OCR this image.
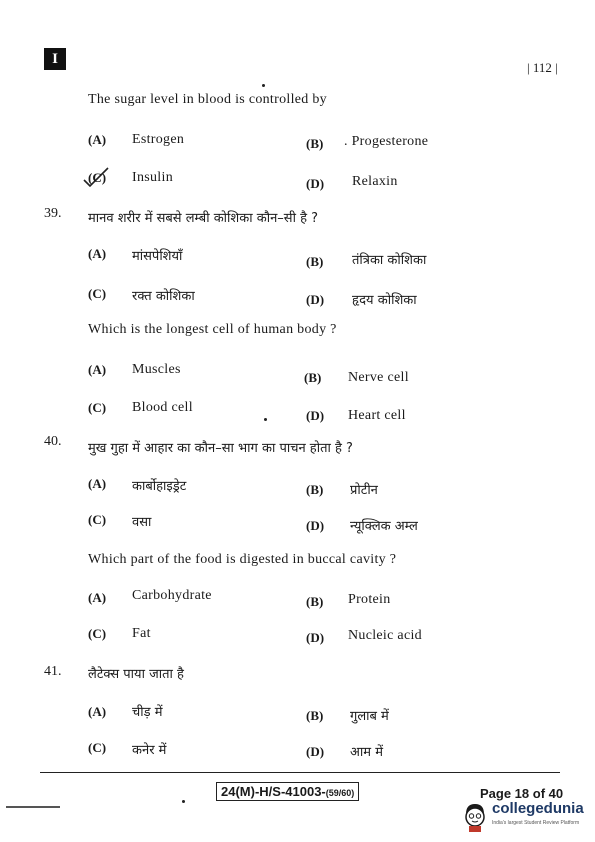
I
| 112 |
The sugar level in blood is controlled by
(A) Estrogen	(B) . Progesterone
(C) Insulin	(D) Relaxin
39. मानव शरीर में सबसे लम्बी कोशिका कौन–सी है ?
(A) मांसपेशियाँ	(B) तंत्रिका कोशिका
(C) रक्त कोशिका	(D) हृदय कोशिका
Which is the longest cell of human body ?
(A) Muscles
(B) Nerve cell
(C) Blood cell
(D) Heart cell
40. मुख गुहा में आहार का कौन–सा भाग का पाचन होता है ?
(A) कार्बोहाइड्रेट	(B) प्रोटीन
(C) वसा	(D) न्यूक्लिक अम्ल
Which part of the food is digested in buccal cavity ?
(A) Carbohydrate	(B) Protein
(C) Fat	(D) Nucleic acid
41. लैटेक्स पाया जाता है
(A) चीड़ में	(B) गुलाब में
(C) कनेर में	(D) आम में
24(M)-H/S-41003-(59/60)	Page 18 of 40
collegedunia
India's largest Student Review Platform
